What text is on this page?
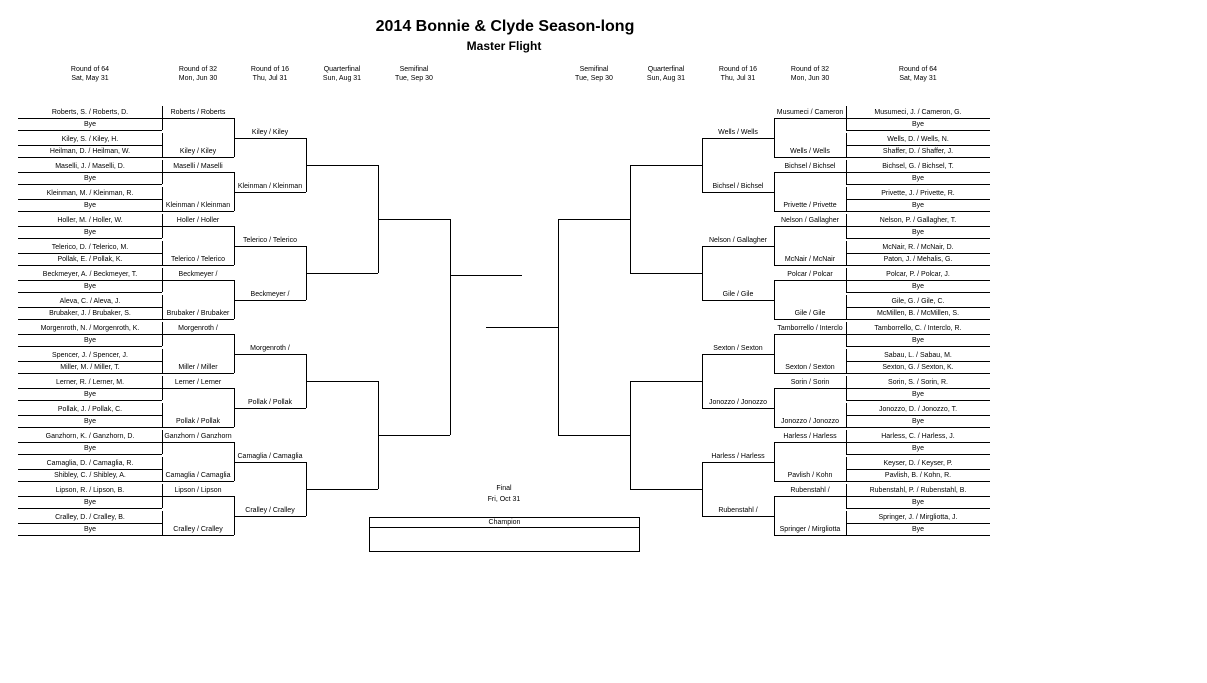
2014 Bonnie & Clyde Season-long
Master Flight
Round of 64
Sat, May 31
Round of 32
Mon, Jun 30
Round of 16
Thu, Jul 31
Quarterfinal
Sun, Aug 31
Semifinal
Tue, Sep 30
Semifinal
Tue, Sep 30
Quarterfinal
Sun, Aug 31
Round of 16
Thu, Jul 31
Round of 32
Mon, Jun 30
Round of 64
Sat, May 31
Roberts, S. / Roberts, D.
Bye
Kiley, S. / Kiley, H.
Heilman, D. / Heilman, W.
Maselli, J. / Maselli, D.
Bye
Kleinman, M. / Kleinman, R.
Bye
Holler, M. / Holler, W.
Bye
Telerico, D. / Telerico, M.
Pollak, E. / Pollak, K.
Beckmeyer, A. / Beckmeyer, T.
Bye
Aleva, C. / Aleva, J.
Brubaker, J. / Brubaker, S.
Morgenroth, N. / Morgenroth, K.
Bye
Spencer, J. / Spencer, J.
Miller, M. / Miller, T.
Lerner, R. / Lerner, M.
Bye
Pollak, J. / Pollak, C.
Bye
Ganzhorn, K. / Ganzhorn, D.
Bye
Camaglia, D. / Camaglia, R.
Shibley, C. / Shibley, A.
Lipson, R. / Lipson, B.
Bye
Cralley, D. / Cralley, B.
Bye
Roberts / Roberts
Kiley / Kiley
Maselli / Maselli
Kleinman / Kleinman
Holler / Holler
Telerico / Telerico
Beckmeyer /
Brubaker / Brubaker
Morgenroth /
Miller / Miller
Lerner / Lerner
Pollak / Pollak
Ganzhorn / Ganzhorn
Camaglia / Camaglia
Lipson / Lipson
Cralley / Cralley
Kiley / Kiley
Kleinman / Kleinman
Telerico / Telerico
Beckmeyer /
Morgenroth /
Pollak / Pollak
Camaglia / Camaglia
Cralley / Cralley
Musumeci, J. / Cameron, G.
Bye
Wells, D. / Wells, N.
Shaffer, D. / Shaffer, J.
Bichsel, G. / Bichsel, T.
Bye
Privette, J. / Privette, R.
Bye
Nelson, P. / Gallagher, T.
Bye
McNair, R. / McNair, D.
Paton, J. / Mehalis, G.
Polcar, P. / Polcar, J.
Bye
Gile, G. / Gile, C.
McMillen, B. / McMillen, S.
Tamborrello, C. / Interclo, R.
Bye
Sabau, L. / Sabau, M.
Sexton, G. / Sexton, K.
Sorin, S. / Sorin, R.
Bye
Jonozzo, D. / Jonozzo, T.
Bye
Harless, C. / Harless, J.
Bye
Keyser, D. / Keyser, P.
Pavlish, B. / Kohn, R.
Rubenstahl, P. / Rubenstahl, B.
Bye
Springer, J. / Mirgliotta, J.
Bye
Musumeci / Cameron
Wells / Wells
Bichsel / Bichsel
Privette / Privette
Nelson / Gallagher
McNair / McNair
Polcar / Polcar
Gile / Gile
Tamborrello / Interclo
Sexton / Sexton
Sorin / Sorin
Jonozzo / Jonozzo
Harless / Harless
Pavlish / Kohn
Rubenstahl /
Springer / Mirgliotta
Wells / Wells
Bichsel / Bichsel
Nelson / Gallagher
Gile / Gile
Sexton / Sexton
Jonozzo / Jonozzo
Harless / Harless
Rubenstahl /
Final
Fri, Oct 31
Champion
